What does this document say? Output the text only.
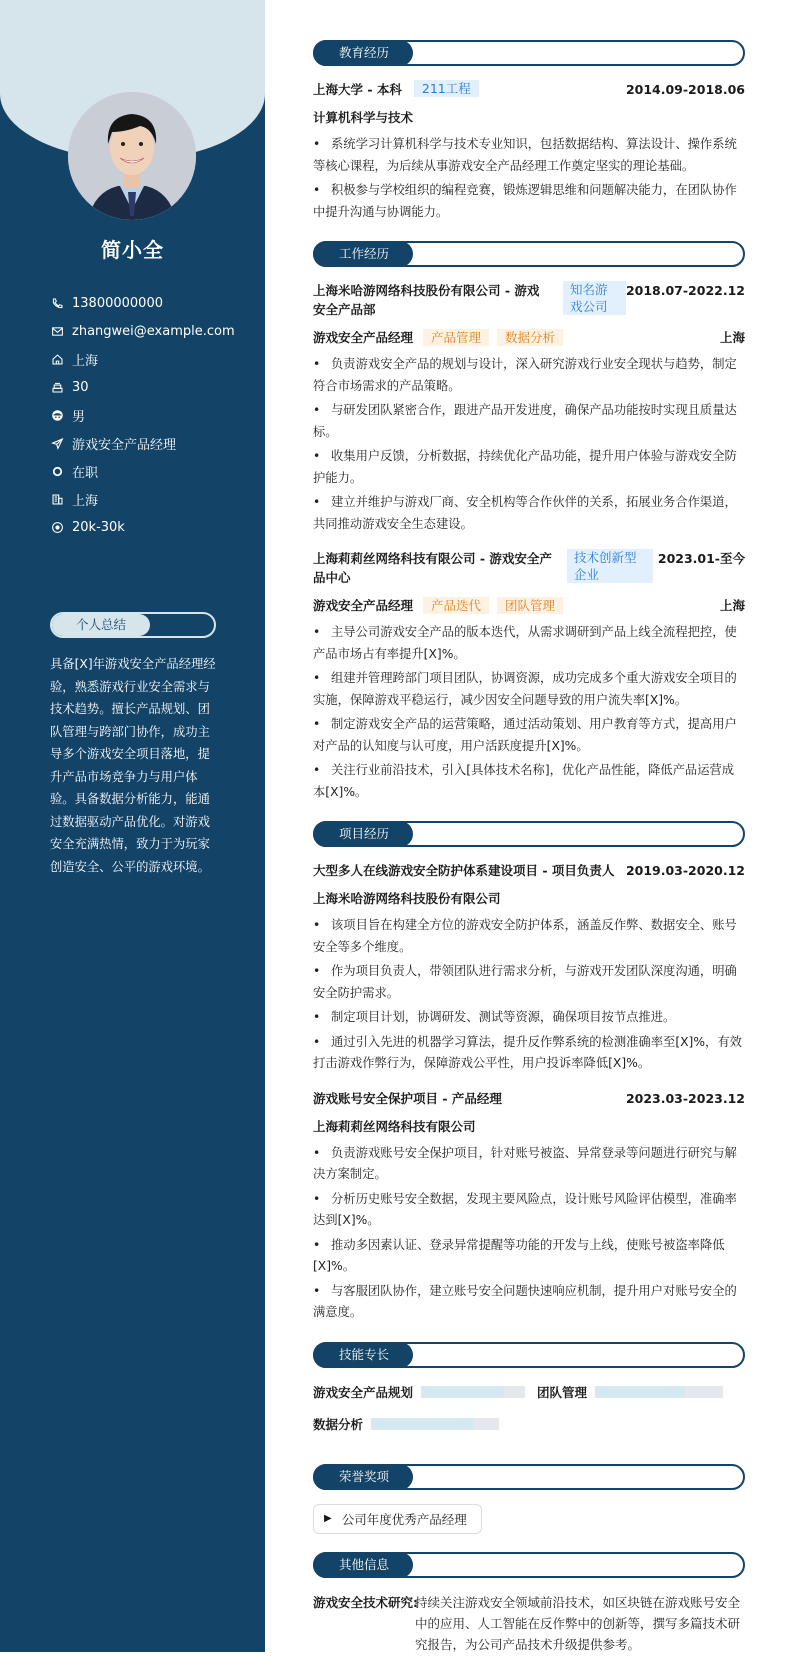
简小全
13800000000
zhangwei@example.com
上海
30
男
游戏安全产品经理
在职
上海
20k-30k
个人总结
具备[X]年游戏安全产品经理经验，熟悉游戏行业安全需求与技术趋势。擅长产品规划、团队管理与跨部门协作，成功主导多个游戏安全项目落地，提升产品市场竞争力与用户体验。具备数据分析能力，能通过数据驱动产品优化。对游戏安全充满热情，致力于为玩家创造安全、公平的游戏环境。
教育经历
上海大学 - 本科	211工程	2014.09-2018.06
计算机科学与技术
• 系统学习计算机科学与技术专业知识，包括数据结构、算法设计、操作系统等核心课程，为后续从事游戏安全产品经理工作奠定坚实的理论基础。
• 积极参与学校组织的编程竞赛，锻炼逻辑思维和问题解决能力，在团队协作中提升沟通与协调能力。
工作经历
上海米哈游网络科技股份有限公司 - 游戏安全产品部
知名游戏公司
2018.07-2022.12
游戏安全产品经理	产品管理	数据分析	上海
• 负责游戏安全产品的规划与设计，深入研究游戏行业安全现状与趋势，制定符合市场需求的产品策略。
• 与研发团队紧密合作，跟进产品开发进度，确保产品功能按时实现且质量达标。
• 收集用户反馈，分析数据，持续优化产品功能，提升用户体验与游戏安全防护能力。
• 建立并维护与游戏厂商、安全机构等合作伙伴的关系，拓展业务合作渠道，共同推动游戏安全生态建设。
上海莉莉丝网络科技有限公司 - 游戏安全产品中心
技术创新型企业
2023.01-至今
游戏安全产品经理	产品迭代	团队管理	上海
• 主导公司游戏安全产品的版本迭代，从需求调研到产品上线全流程把控，使产品市场占有率提升[X]%。
• 组建并管理跨部门项目团队，协调资源，成功完成多个重大游戏安全项目的实施，保障游戏平稳运行，减少因安全问题导致的用户流失率[X]%。
• 制定游戏安全产品的运营策略，通过活动策划、用户教育等方式，提高用户对产品的认知度与认可度，用户活跃度提升[X]%。
• 关注行业前沿技术，引入[具体技术名称]，优化产品性能，降低产品运营成本[X]%。
项目经历
大型多人在线游戏安全防护体系建设项目 - 项目负责人 2019.03-2020.12
上海米哈游网络科技股份有限公司
• 该项目旨在构建全方位的游戏安全防护体系，涵盖反作弊、数据安全、账号安全等多个维度。
• 作为项目负责人，带领团队进行需求分析，与游戏开发团队深度沟通，明确安全防护需求。
• 制定项目计划，协调研发、测试等资源，确保项目按节点推进。
• 通过引入先进的机器学习算法，提升反作弊系统的检测准确率至[X]%，有效打击游戏作弊行为，保障游戏公平性，用户投诉率降低[X]%。
游戏账号安全保护项目 - 产品经理	2023.03-2023.12
上海莉莉丝网络科技有限公司
• 负责游戏账号安全保护项目，针对账号被盗、异常登录等问题进行研究与解决方案制定。
• 分析历史账号安全数据，发现主要风险点，设计账号风险评估模型，准确率达到[X]%。
• 推动多因素认证、登录异常提醒等功能的开发与上线，使账号被盗率降低[X]%。
• 与客服团队协作，建立账号安全问题快速响应机制，提升用户对账号安全的满意度。
技能专长
游戏安全产品规划	团队管理
数据分析
荣誉奖项
▶ 公司年度优秀产品经理
其他信息
游戏安全技术研究:
持续关注游戏安全领域前沿技术，如区块链在游戏账号安全中的应用、人工智能在反作弊中的创新等，撰写多篇技术研究报告，为公司产品技术升级提供参考。
